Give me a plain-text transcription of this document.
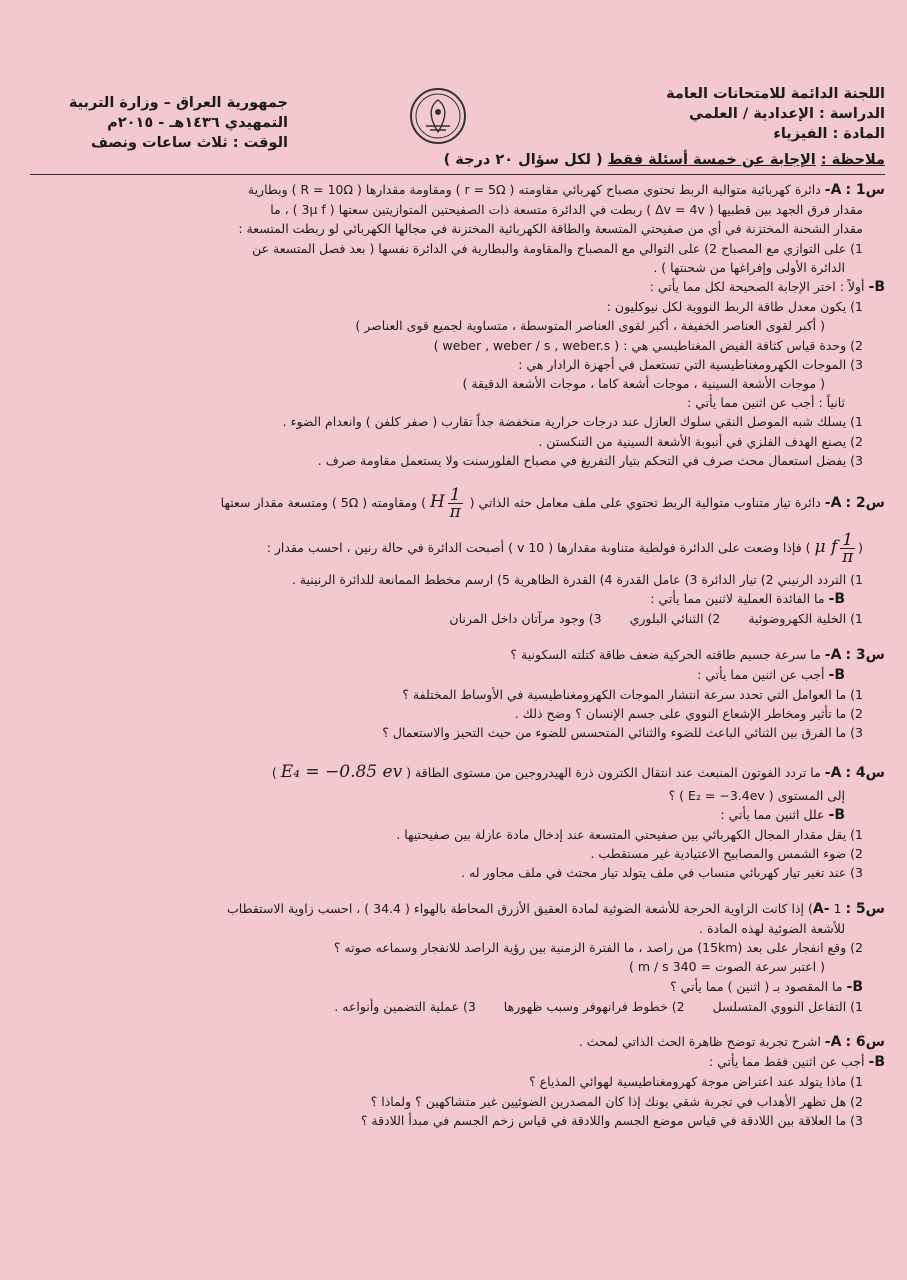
اللجنة الدائمة للامتحانات العامة
الدراسة : الإعدادية / العلمي
المادة : الفيزياء
جمهورية العراق – وزارة التربية
التمهيدي ١٤٣٦هـ - ٢٠١٥م
الوقت : ثلاث ساعات ونصف
ملاحظة : الإجابة عن خمسة أسئلة فقط ( لكل سؤال ٢٠ درجة )
س1 : A- دائرة كهربائية متوالية الربط تحتوي مصباح كهربائي مقاومته ( r = 5Ω ) ومقاومة مقدارها ( R = 10Ω ) وبطارية
مقدار فرق الجهد بين قطبيها ( Δv = 4v ) ربطت في الدائرة متسعة ذات الصفيحتين المتوازيتين سعتها ( 3μ f ) ، ما
مقدار الشحنة المختزنة في أي من صفيحتي المتسعة والطاقة الكهربائية المختزنة في مجالها الكهربائي لو ربطت المتسعة :
1) على التوازي مع المصباح 2) على التوالي مع المصباح والمقاومة والبطارية في الدائرة نفسها ( بعد فصل المتسعة عن
الدائرة الأولى وإفراغها من شحنتها ) .
B- أولاً : اختر الإجابة الصحيحة لكل مما يأتي :
1) يكون معدل طاقة الربط النووية لكل نيوكليون :
( أكبر لقوى العناصر الخفيفة ، أكبر لقوى العناصر المتوسطة ، متساوية لجميع قوى العناصر )
2) وحدة قياس كثافة الفيض المغناطيسي هي : ( weber , weber / s , weber.s )
3) الموجات الكهرومغناطيسية التي تستعمل في أجهزة الرادار هي :
( موجات الأشعة السينية ، موجات أشعة كاما ، موجات الأشعة الدقيقة )
ثانياً : أجب عن اثنين مما يأتي :
1) يسلك شبه الموصل النقي سلوك العازل عند درجات حرارية منخفضة جداً تقارب ( صفر كلفن ) وانعدام الضوء .
2) يصنع الهدف الفلزي في أنبوبة الأشعة السينية من التنكستن .
3) يفضل استعمال محث صرف في التحكم بتيار التفريغ في مصباح الفلورسنت ولا يستعمل مقاومة صرف .
س2 : A- دائرة تيار متناوب متوالية الربط تحتوي على ملف معامل حثه الذاتي (
$\frac{1}{\pi}$
H ) ومقاومته ( 5Ω ) ومتسعة مقدار سعتها
(
$\frac{1}{\pi}$
μ f ) فإذا وضعت على الدائرة فولطية متناوبة مقدارها ( 10 v ) أصبحت الدائرة في حالة رنين ، احسب مقدار :
1) التردد الرنيني 2) تيار الدائرة 3) عامل القدرة 4) القدرة الظاهرية 5) ارسم مخطط الممانعة للدائرة الرنينية .
B- ما الفائدة العملية لاثنين مما يأتي :
1) الخلية الكهروضوئية
2) الثنائي البلوري
3) وجود مرآتان داخل المرنان
س3 : A- ما سرعة جسيم طاقته الحركية ضعف طاقة كتلته السكونية ؟
B- أجب عن اثنين مما يأتي :
1) ما العوامل التي تحدد سرعة انتشار الموجات الكهرومغناطيسية في الأوساط المختلفة ؟
2) ما تأثير ومخاطر الإشعاع النووي على جسم الإنسان ؟ وضح ذلك .
3) ما الفرق بين الثنائي الباعث للضوء والثنائي المتحسس للضوء من حيث التحيز والاستعمال ؟
س4 : A- ما تردد الفوتون المنبعث عند انتقال الكترون ذرة الهيدروجين من مستوى الطاقة ( E₄ = −0.85 ev )
إلى المستوى ( E₂ = −3.4ev ) ؟
B- علل اثنين مما يأتي :
1) يقل مقدار المجال الكهربائي بين صفيحتي المتسعة عند إدخال مادة عازلة بين صفيحتيها .
2) ضوء الشمس والمصابيح الاعتيادية غير مستقطب .
3) عند تغير تيار كهربائي منساب في ملف يتولد تيار محتث في ملف مجاور له .
س5 : A- 1) إذا كانت الزاوية الحرجة للأشعة الضوئية لمادة العقيق الأزرق المحاطة بالهواء ( 34.4 ) ، احسب زاوية الاستقطاب
للأشعة الضوئية لهذه المادة .
2) وقع انفجار على بعد (15km) من راصد ، ما الفترة الزمنية بين رؤية الراصد للانفجار وسماعه صوته ؟
( اعتبر سرعة الصوت = 340 m / s )
B- ما المقصود بـ ( اثنين ) مما يأتي ؟
1) التفاعل النووي المتسلسل
2) خطوط فرانهوفر وسبب ظهورها
3) عملية التضمين وأنواعه .
س6 : A- اشرح تجربة توضح ظاهرة الحث الذاتي لمحث .
B- أجب عن اثنين فقط مما يأتي :
1) ماذا يتولد عند اعتراض موجة كهرومغناطيسية لهوائي المذياع ؟
2) هل تظهر الأهداب في تجربة شقي يونك إذا كان المصدرين الضوئيين غير متشاكهين ؟ ولماذا ؟
3) ما العلاقة بين اللادقة في قياس موضع الجسم واللادقة في قياس زخم الجسم في مبدأ اللادقة ؟
